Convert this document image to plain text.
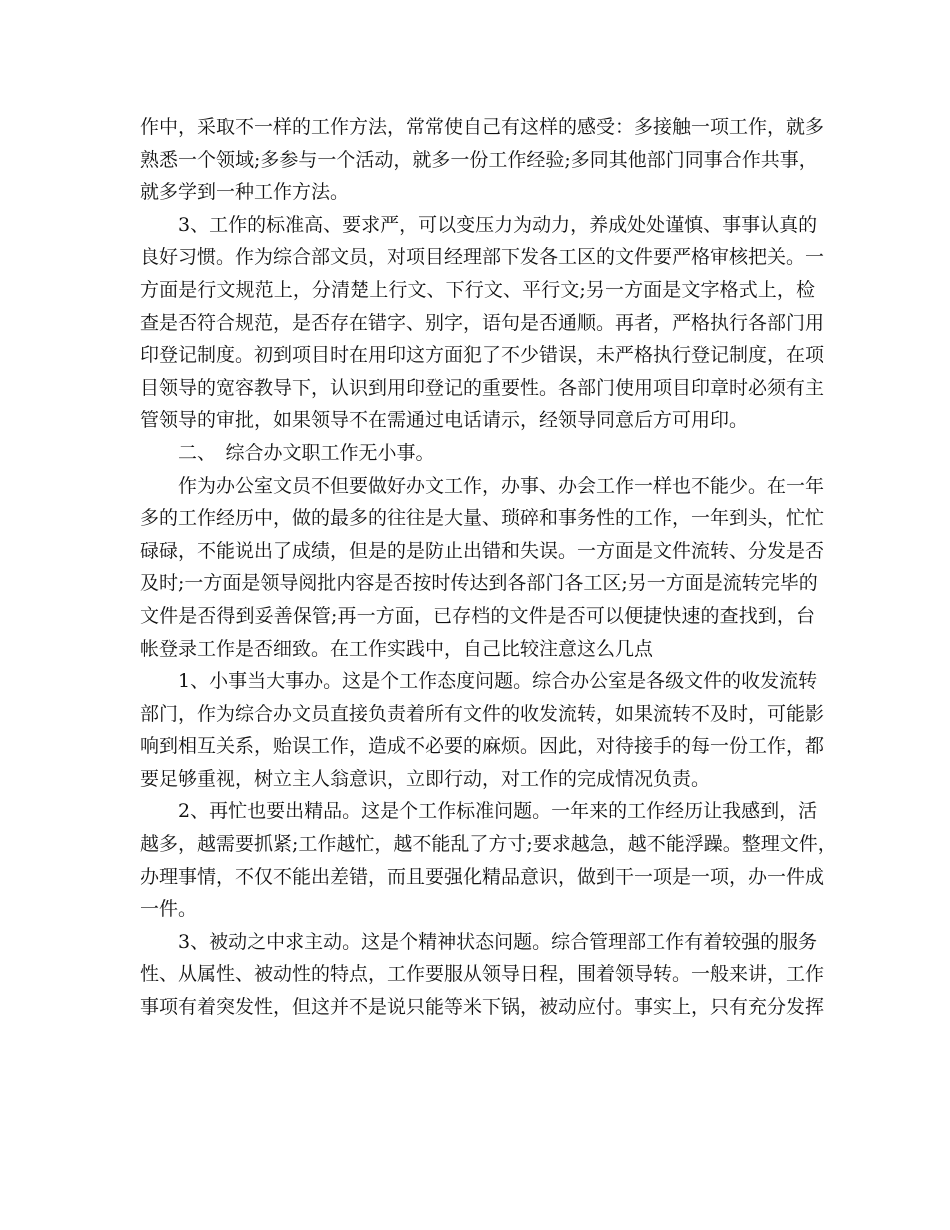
作中，采取不一样的工作方法，常常使自己有这样的感受：多接触一项工作，就多
熟悉一个领域;多参与一个活动，就多一份工作经验;多同其他部门同事合作共事，
就多学到一种工作方法。
　　3、工作的标准高、要求严，可以变压力为动力，养成处处谨慎、事事认真的
良好习惯。作为综合部文员，对项目经理部下发各工区的文件要严格审核把关。一
方面是行文规范上，分清楚上行文、下行文、平行文;另一方面是文字格式上，检
查是否符合规范，是否存在错字、别字，语句是否通顺。再者，严格执行各部门用
印登记制度。初到项目时在用印这方面犯了不少错误，未严格执行登记制度，在项
目领导的宽容教导下，认识到用印登记的重要性。各部门使用项目印章时必须有主
管领导的审批，如果领导不在需通过电话请示，经领导同意后方可用印。
　　二、　综合办文职工作无小事。
　　作为办公室文员不但要做好办文工作，办事、办会工作一样也不能少。在一年
多的工作经历中，做的最多的往往是大量、琐碎和事务性的工作，一年到头，忙忙
碌碌，不能说出了成绩，但是的是防止出错和失误。一方面是文件流转、分发是否
及时;一方面是领导阅批内容是否按时传达到各部门各工区;另一方面是流转完毕的
文件是否得到妥善保管;再一方面，已存档的文件是否可以便捷快速的查找到，台
帐登录工作是否细致。在工作实践中，自己比较注意这么几点
　　1、小事当大事办。这是个工作态度问题。综合办公室是各级文件的收发流转
部门，作为综合办文员直接负责着所有文件的收发流转，如果流转不及时，可能影
响到相互关系，贻误工作，造成不必要的麻烦。因此，对待接手的每一份工作，都
要足够重视，树立主人翁意识，立即行动，对工作的完成情况负责。
　　2、再忙也要出精品。这是个工作标准问题。一年来的工作经历让我感到，活
越多，越需要抓紧;工作越忙，越不能乱了方寸;要求越急，越不能浮躁。整理文件，
办理事情，不仅不能出差错，而且要强化精品意识，做到干一项是一项，办一件成
一件。
　　3、被动之中求主动。这是个精神状态问题。综合管理部工作有着较强的服务
性、从属性、被动性的特点，工作要服从领导日程，围着领导转。一般来讲，工作
事项有着突发性，但这并不是说只能等米下锅，被动应付。事实上，只有充分发挥
